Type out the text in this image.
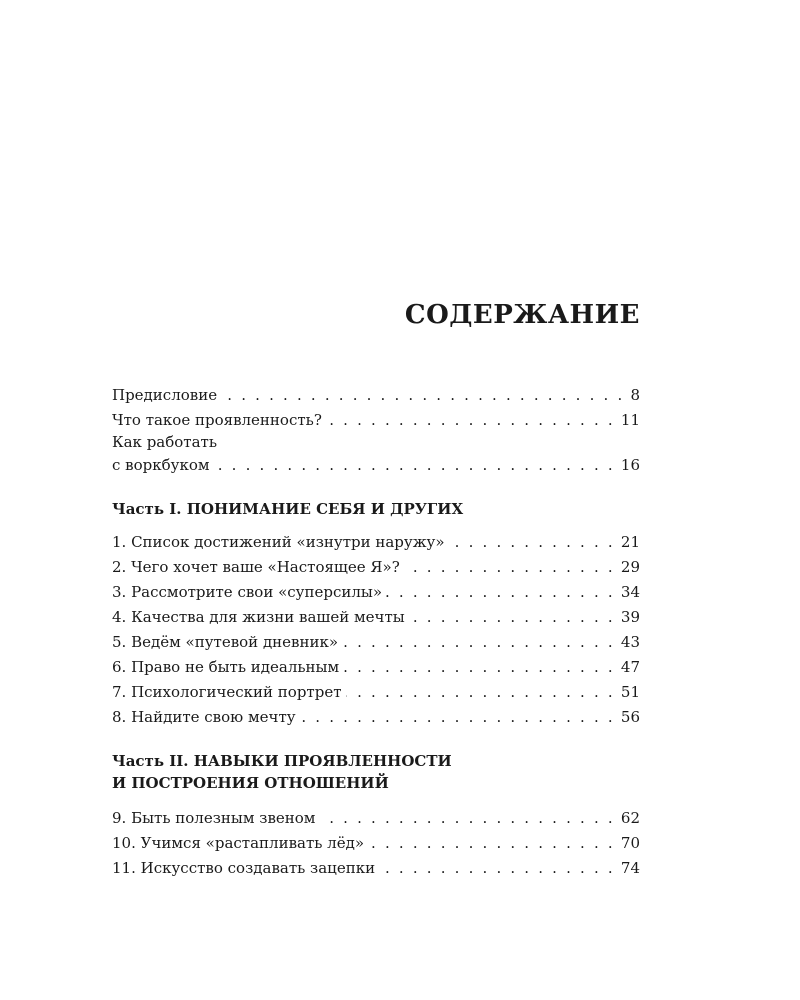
СОДЕРЖАНИЕ
Предисловие . . .	8
Что такое проявленность? . . .	11
Как работать
с воркбуком . . .	16
Часть I. ПОНИМАНИЕ СЕБЯ И ДРУГИХ
1. Список достижений «изнутри наружу» . . .	21
2. Чего хочет ваше «Настоящее Я»? . . .	29
3. Рассмотрите свои «суперсилы» . . .	34
4. Качества для жизни вашей мечты . . .	39
5. Ведём «путевой дневник» . . .	43
6. Право не быть идеальным . . .	47
7. Психологический портрет . . .	51
8. Найдите свою мечту . . .	56
Часть II. НАВЫКИ ПРОЯВЛЕННОСТИ
И ПОСТРОЕНИЯ ОТНОШЕНИЙ
9. Быть полезным звеном . . .	62
10. Учимся «растапливать лёд» . . .	70
11. Искусство создавать зацепки . . .	74
